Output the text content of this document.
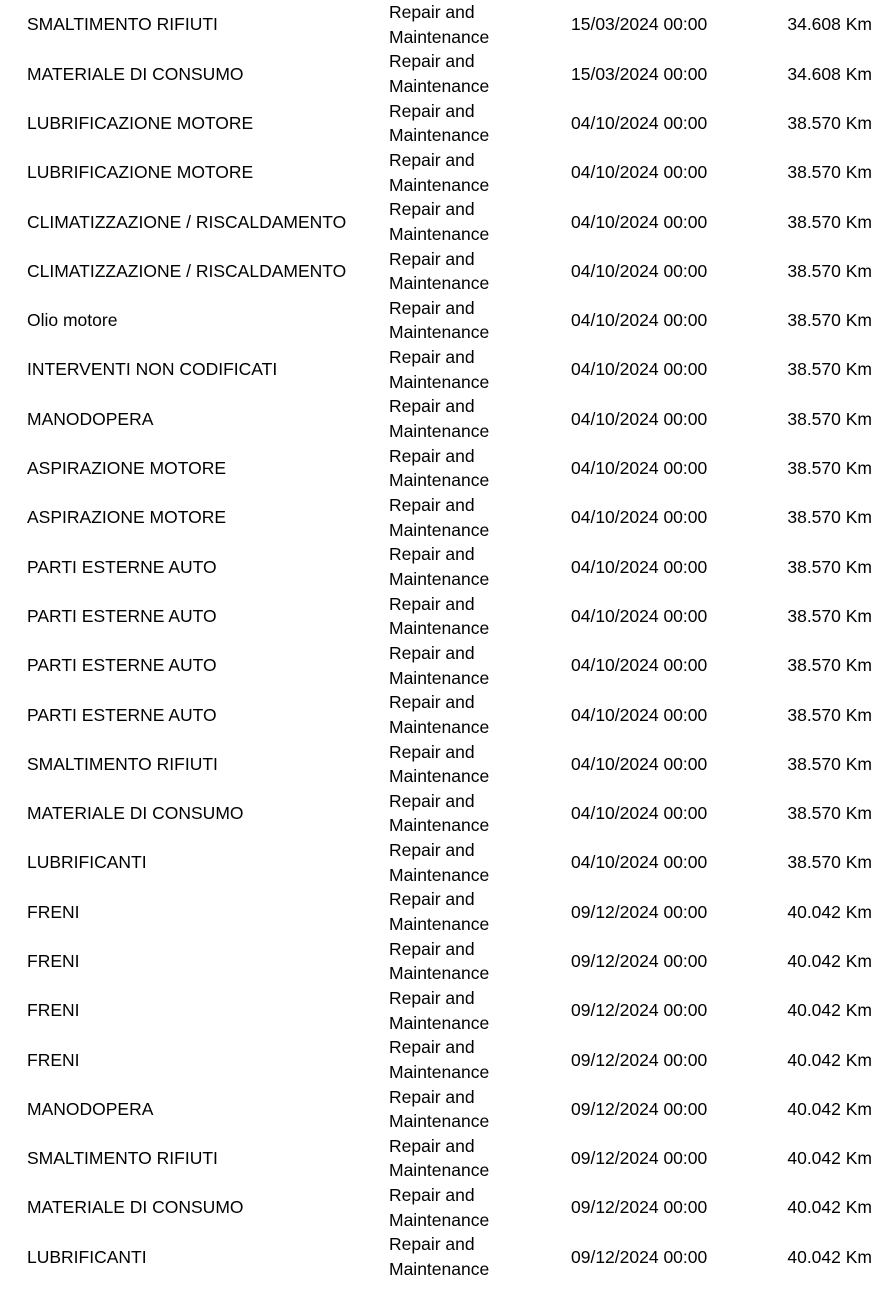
SMALTIMENTO RIFIUTI	Repair and
Maintenance	15/03/2024 00:00	34.608 Km
MATERIALE DI CONSUMO	Repair and
Maintenance	15/03/2024 00:00	34.608 Km
LUBRIFICAZIONE MOTORE	Repair and
Maintenance	04/10/2024 00:00	38.570 Km
LUBRIFICAZIONE MOTORE	Repair and
Maintenance	04/10/2024 00:00	38.570 Km
CLIMATIZZAZIONE / RISCALDAMENTO	Repair and
Maintenance	04/10/2024 00:00	38.570 Km
CLIMATIZZAZIONE / RISCALDAMENTO	Repair and
Maintenance	04/10/2024 00:00	38.570 Km
Olio motore	Repair and
Maintenance	04/10/2024 00:00	38.570 Km
INTERVENTI NON CODIFICATI	Repair and
Maintenance	04/10/2024 00:00	38.570 Km
MANODOPERA	Repair and
Maintenance	04/10/2024 00:00	38.570 Km
ASPIRAZIONE MOTORE	Repair and
Maintenance	04/10/2024 00:00	38.570 Km
ASPIRAZIONE MOTORE	Repair and
Maintenance	04/10/2024 00:00	38.570 Km
PARTI ESTERNE AUTO	Repair and
Maintenance	04/10/2024 00:00	38.570 Km
PARTI ESTERNE AUTO	Repair and
Maintenance	04/10/2024 00:00	38.570 Km
PARTI ESTERNE AUTO	Repair and
Maintenance	04/10/2024 00:00	38.570 Km
PARTI ESTERNE AUTO	Repair and
Maintenance	04/10/2024 00:00	38.570 Km
SMALTIMENTO RIFIUTI	Repair and
Maintenance	04/10/2024 00:00	38.570 Km
MATERIALE DI CONSUMO	Repair and
Maintenance	04/10/2024 00:00	38.570 Km
LUBRIFICANTI	Repair and
Maintenance	04/10/2024 00:00	38.570 Km
FRENI	Repair and
Maintenance	09/12/2024 00:00	40.042 Km
FRENI	Repair and
Maintenance	09/12/2024 00:00	40.042 Km
FRENI	Repair and
Maintenance	09/12/2024 00:00	40.042 Km
FRENI	Repair and
Maintenance	09/12/2024 00:00	40.042 Km
MANODOPERA	Repair and
Maintenance	09/12/2024 00:00	40.042 Km
SMALTIMENTO RIFIUTI	Repair and
Maintenance	09/12/2024 00:00	40.042 Km
MATERIALE DI CONSUMO	Repair and
Maintenance	09/12/2024 00:00	40.042 Km
LUBRIFICANTI	Repair and
Maintenance	09/12/2024 00:00	40.042 Km
